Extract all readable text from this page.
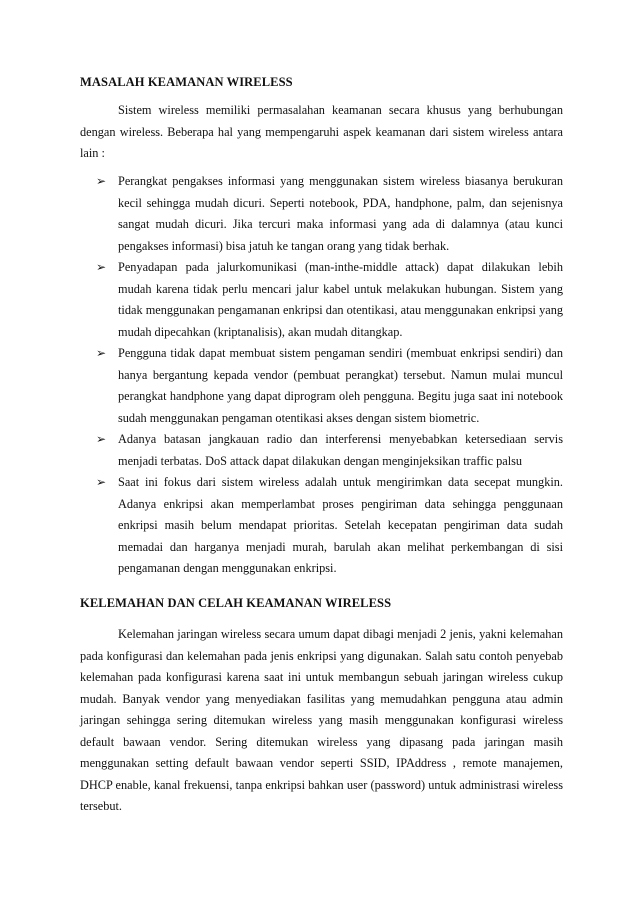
MASALAH KEAMANAN WIRELESS

Sistem wireless memiliki permasalahan keamanan secara khusus yang berhubungan dengan wireless. Beberapa hal yang mempengaruhi aspek keamanan dari sistem wireless antara lain :

➢ Perangkat pengakses informasi yang menggunakan sistem wireless biasanya berukuran kecil sehingga mudah dicuri. Seperti notebook, PDA, handphone, palm, dan sejenisnya sangat mudah dicuri. Jika tercuri maka informasi yang ada di dalamnya (atau kunci pengakses informasi) bisa jatuh ke tangan orang yang tidak berhak.
➢ Penyadapan pada jalurkomunikasi (man-inthe-middle attack) dapat dilakukan lebih mudah karena tidak perlu mencari jalur kabel untuk melakukan hubungan. Sistem yang tidak menggunakan pengamanan enkripsi dan otentikasi, atau menggunakan enkripsi yang mudah dipecahkan (kriptanalisis), akan mudah ditangkap.
➢ Pengguna tidak dapat membuat sistem pengaman sendiri (membuat enkripsi sendiri) dan hanya bergantung kepada vendor (pembuat perangkat) tersebut. Namun mulai muncul perangkat handphone yang dapat diprogram oleh pengguna. Begitu juga saat ini notebook sudah menggunakan pengaman otentikasi akses dengan sistem biometric.
➢ Adanya batasan jangkauan radio dan interferensi menyebabkan ketersediaan servis menjadi terbatas. DoS attack dapat dilakukan dengan menginjeksikan traffic palsu
➢ Saat ini fokus dari sistem wireless adalah untuk mengirimkan data secepat mungkin. Adanya enkripsi akan memperlambat proses pengiriman data sehingga penggunaan enkripsi masih belum mendapat prioritas. Setelah kecepatan pengiriman data sudah memadai dan harganya menjadi murah, barulah akan melihat perkembangan di sisi pengamanan dengan menggunakan enkripsi.
KELEMAHAN DAN CELAH KEAMANAN WIRELESS

Kelemahan jaringan wireless secara umum dapat dibagi menjadi 2 jenis, yakni kelemahan pada konfigurasi dan kelemahan pada jenis enkripsi yang digunakan. Salah satu contoh penyebab kelemahan pada konfigurasi karena saat ini untuk membangun sebuah jaringan wireless cukup mudah. Banyak vendor yang menyediakan fasilitas yang memudahkan pengguna atau admin jaringan sehingga sering ditemukan wireless yang masih menggunakan konfigurasi wireless default bawaan vendor. Sering ditemukan wireless yang dipasang pada jaringan masih menggunakan setting default bawaan vendor seperti SSID, IPAddress , remote manajemen, DHCP enable, kanal frekuensi, tanpa enkripsi bahkan user (password) untuk administrasi wireless tersebut.
